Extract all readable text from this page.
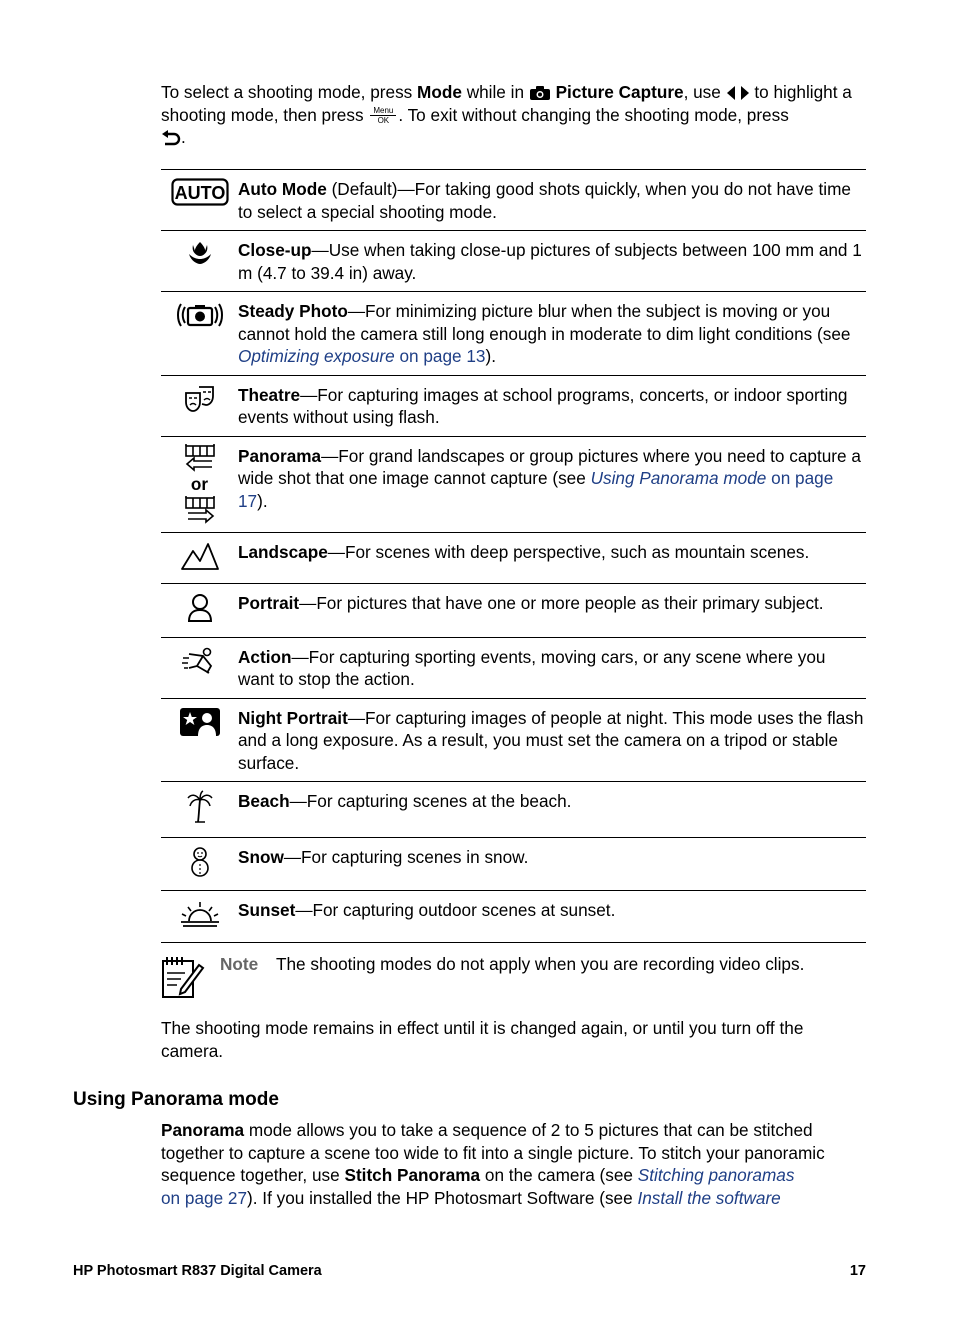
To select a shooting mode, press Mode while in  Picture Capture, use  to highlight a shooting mode, then press Menu
OK . To exit without changing the shooting mode, press
.
AUTO	Auto Mode (Default)—For taking good shots quickly, when you do not have time to select a special shooting mode.
	Close-up—Use when taking close-up pictures of subjects between 100 mm and 1 m (4.7 to 39.4 in) away.
	Steady Photo—For minimizing picture blur when the subject is moving or you cannot hold the camera still long enough in moderate to dim light conditions (see Optimizing exposure on page 13).
	Theatre—For capturing images at school programs, concerts, or indoor sporting events without using flash.

or	Panorama—For grand landscapes or group pictures where you need to capture a wide shot that one image cannot capture (see Using Panorama mode on page 17).
	Landscape—For scenes with deep perspective, such as mountain scenes.
	Portrait—For pictures that have one or more people as their primary subject.
	Action—For capturing sporting events, moving cars, or any scene where you want to stop the action.
	Night Portrait—For capturing images of people at night. This mode uses the flash and a long exposure. As a result, you must set the camera on a tripod or stable surface.
	Beach—For capturing scenes at the beach.
	Snow—For capturing scenes in snow.
	Sunset—For capturing outdoor scenes at sunset.
Note The shooting modes do not apply when you are recording video clips.
The shooting mode remains in effect until it is changed again, or until you turn off the camera.
Using Panorama mode
Panorama mode allows you to take a sequence of 2 to 5 pictures that can be stitched together to capture a scene too wide to fit into a single picture. To stitch your panoramic sequence together, use Stitch Panorama on the camera (see Stitching panoramas
on page 27). If you installed the HP Photosmart Software (see Install the software
HP Photosmart R837 Digital Camera	17
